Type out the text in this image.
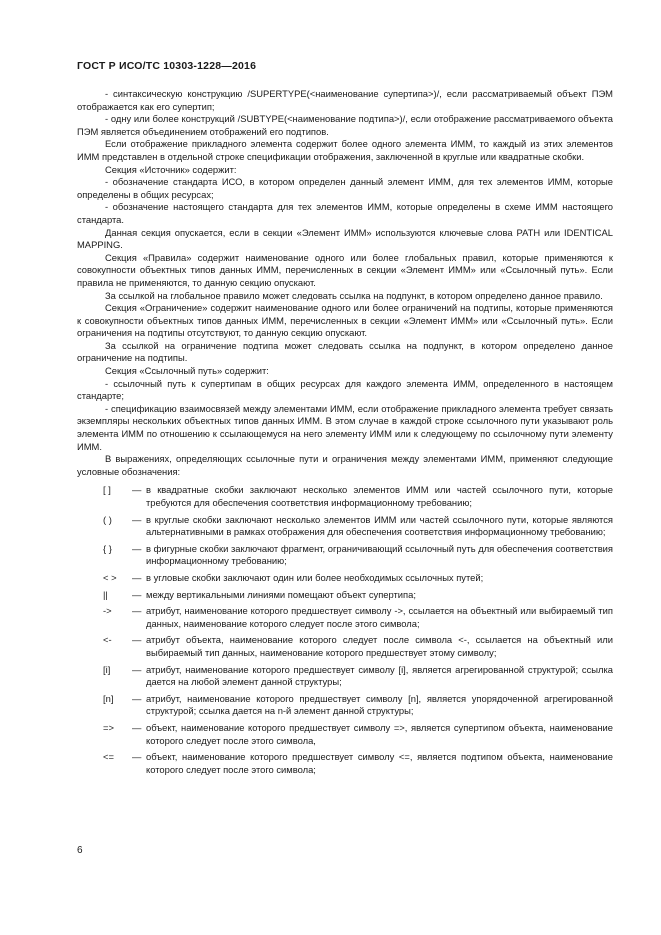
ГОСТ Р ИСО/ТС 10303-1228—2016

- синтаксическую конструкцию /SUPERTYPE(<наименование супертипа>)/, если рассматриваемый объект ПЭМ отображается как его супертип;

- одну или более конструкций /SUBTYPE(<наименование подтипа>)/, если отображение рассматриваемого объекта ПЭМ является объединением отображений его подтипов.

Если отображение прикладного элемента содержит более одного элемента ИММ, то каждый из этих элементов ИММ представлен в отдельной строке спецификации отображения, заключенной в круглые или квадратные скобки.

Секция «Источник» содержит:

- обозначение стандарта ИСО, в котором определен данный элемент ИММ, для тех элементов ИММ, которые определены в общих ресурсах;

- обозначение настоящего стандарта для тех элементов ИММ, которые определены в схеме ИММ настоящего стандарта.

Данная секция опускается, если в секции «Элемент ИММ» используются ключевые слова PATH или IDENTICAL MAPPING.

Секция «Правила» содержит наименование одного или более глобальных правил, которые применяются к совокупности объектных типов данных ИММ, перечисленных в секции «Элемент ИММ» или «Ссылочный путь». Если правила не применяются, то данную секцию опускают.

За ссылкой на глобальное правило может следовать ссылка на подпункт, в котором определено данное правило.

Секция «Ограничение» содержит наименование одного или более ограничений на подтипы, которые применяются к совокупности объектных типов данных ИММ, перечисленных в секции «Элемент ИММ» или «Ссылочный путь». Если ограничения на подтипы отсутствуют, то данную секцию опускают.

За ссылкой на ограничение подтипа может следовать ссылка на подпункт, в котором определено данное ограничение на подтипы.

Секция «Ссылочный путь» содержит:

- ссылочный путь к супертипам в общих ресурсах для каждого элемента ИММ, определенного в настоящем стандарте;

- спецификацию взаимосвязей между элементами ИММ, если отображение прикладного элемента требует связать экземпляры нескольких объектных типов данных ИММ. В этом случае в каждой строке ссылочного пути указывают роль элемента ИММ по отношению к ссылающемуся на него элементу ИММ или к следующему по ссылочному пути элементу ИММ.

В выражениях, определяющих ссылочные пути и ограничения между элементами ИММ, применяют следующие условные обозначения:

[ ]	— в квадратные скобки заключают несколько элементов ИММ или частей ссылочного пути, которые требуются для обеспечения соответствия информационному требованию;
( )	— в круглые скобки заключают несколько элементов ИММ или частей ссылочного пути, которые являются альтернативными в рамках отображения для обеспечения соответствия информационному требованию;
{ }	— в фигурные скобки заключают фрагмент, ограничивающий ссылочный путь для обеспечения соответствия информационному требованию;
< >	— в угловые скобки заключают один или более необходимых ссылочных путей;
||	— между вертикальными линиями помещают объект супертипа;
->	— атрибут, наименование которого предшествует символу ->, ссылается на объектный или выбираемый тип данных, наименование которого следует после этого символа;
<-	— атрибут объекта, наименование которого следует после символа <-, ссылается на объектный или выбираемый тип данных, наименование которого предшествует этому символу;
[i]	— атрибут, наименование которого предшествует символу [i], является агрегированной структурой; ссылка дается на любой элемент данной структуры;
[n]	— атрибут, наименование которого предшествует символу [n], является упорядоченной агрегированной структурой; ссылка дается на n-й элемент данной структуры;
=>	— объект, наименование которого предшествует символу =>, является супертипом объекта, наименование которого следует после этого символа,
<=	— объект, наименование которого предшествует символу <=, является подтипом объекта, наименование которого следует после этого символа;
6
